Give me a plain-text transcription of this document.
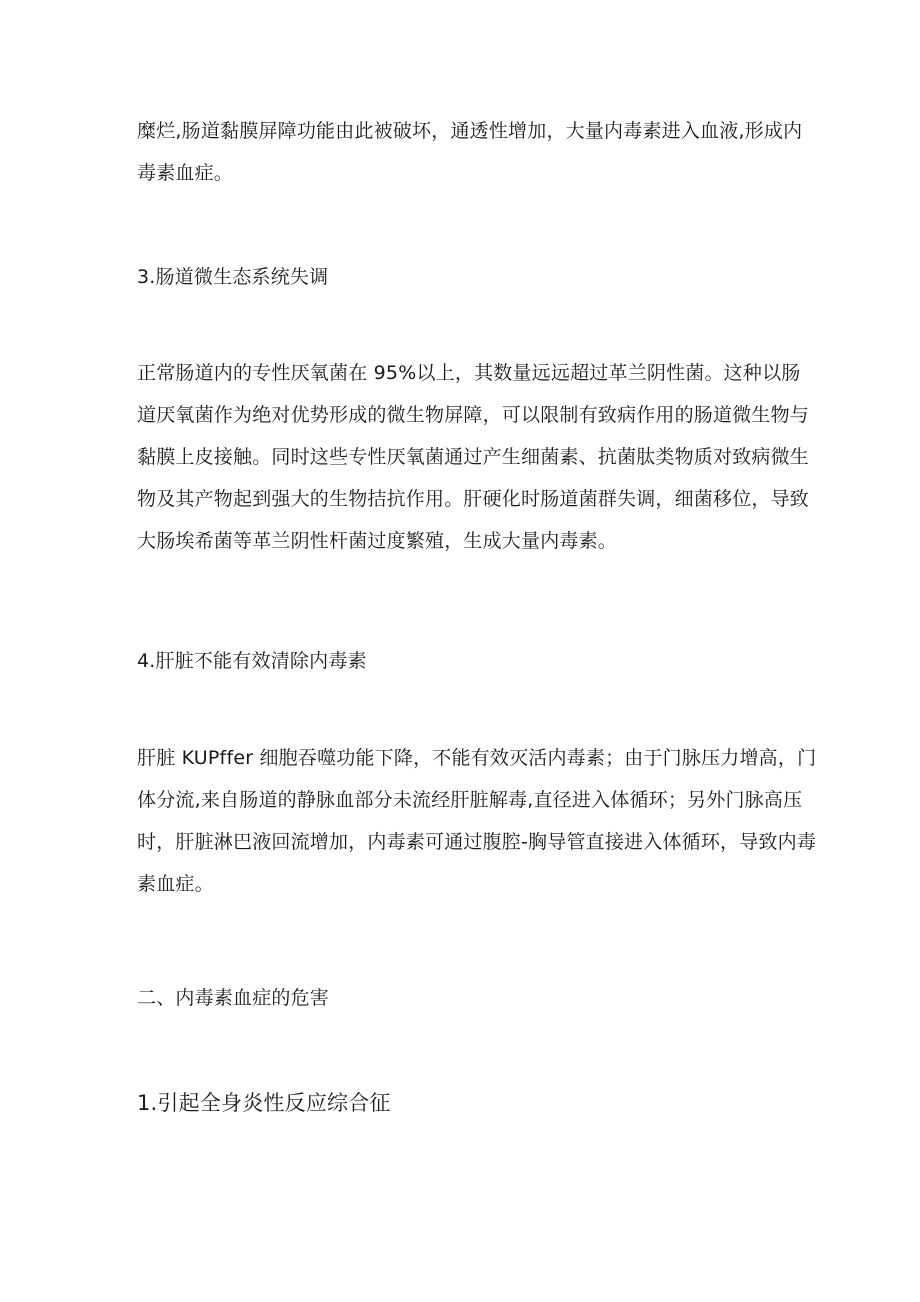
糜烂,肠道黏膜屏障功能由此被破坏，通透性增加，大量内毒素进入血液,形成内
毒素血症。

3.肠道微生态系统失调

正常肠道内的专性厌氧菌在 95%以上，其数量远远超过革兰阴性菌。这种以肠
道厌氧菌作为绝对优势形成的微生物屏障，可以限制有致病作用的肠道微生物与
黏膜上皮接触。同时这些专性厌氧菌通过产生细菌素、抗菌肽类物质对致病微生
物及其产物起到强大的生物拮抗作用。肝硬化时肠道菌群失调，细菌移位，导致
大肠埃希菌等革兰阴性杆菌过度繁殖，生成大量内毒素。

4.肝脏不能有效清除内毒素

肝脏 KUPffer 细胞吞噬功能下降，不能有效灭活内毒素；由于门脉压力增高，门
体分流,来自肠道的静脉血部分未流经肝脏解毒,直径进入体循环；另外门脉高压
时，肝脏淋巴液回流增加，内毒素可通过腹腔-胸导管直接进入体循环，导致内毒
素血症。

二、内毒素血症的危害

1.引起全身炎性反应综合征
